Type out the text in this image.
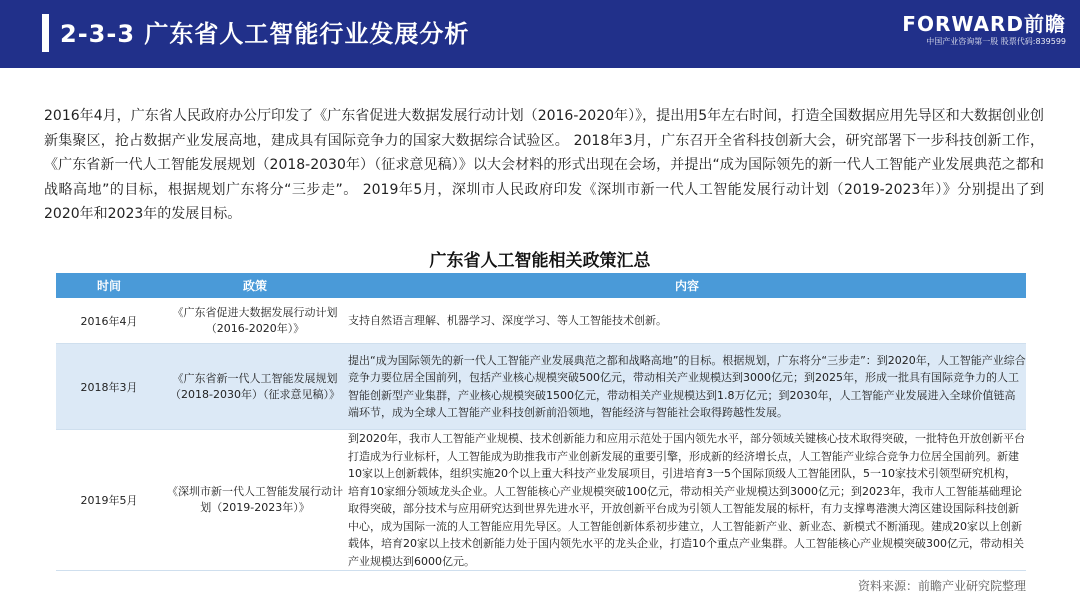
2-3-3 广东省人工智能行业发展分析	FORWARD前瞻
中国产业咨询第一股 股票代码:839599
2016年4月，广东省人民政府办公厅印发了《广东省促进大数据发展行动计划（2016-2020年）》，提出用5年左右时间，打造全国数据应用先导区和大数据创业创新集聚区，抢占数据产业发展高地，建成具有国际竞争力的国家大数据综合试验区。 2018年3月，广东召开全省科技创新大会，研究部署下一步科技创新工作，《广东省新一代人工智能发展规划（2018-2030年）（征求意见稿）》以大会材料的形式出现在会场，并提出“成为国际领先的新一代人工智能产业发展典范之都和战略高地”的目标，根据规划广东将分“三步走”。 2019年5月，深圳市人民政府印发《深圳市新一代人工智能发展行动计划（2019-2023年）》分别提出了到2020年和2023年的发展目标。
广东省人工智能相关政策汇总
时间	政策	内容
2016年4月	《广东省促进大数据发展行动计划（2016-2020年）》	支持自然语言理解、机器学习、深度学习、等人工智能技术创新。
2018年3月	《广东省新一代人工智能发展规划（2018-2030年）（征求意见稿）》	提出“成为国际领先的新一代人工智能产业发展典范之都和战略高地”的目标。根据规划，广东将分“三步走”：到2020年，人工智能产业综合竞争力要位居全国前列，包括产业核心规模突破500亿元，带动相关产业规模达到3000亿元；到2025年，形成一批具有国际竞争力的人工智能创新型产业集群，产业核心规模突破1500亿元，带动相关产业规模达到1.8万亿元；到2030年，人工智能产业发展进入全球价值链高端环节，成为全球人工智能产业科技创新前沿领地，智能经济与智能社会取得跨越性发展。
2019年5月	《深圳市新一代人工智能发展行动计划（2019-2023年）》	到2020年，我市人工智能产业规模、技术创新能力和应用示范处于国内领先水平，部分领域关键核心技术取得突破，一批特色开放创新平台打造成为行业标杆，人工智能成为助推我市产业创新发展的重要引擎，形成新的经济增长点，人工智能产业综合竞争力位居全国前列。新建10家以上创新载体，组织实施20个以上重大科技产业发展项目，引进培育3一5个国际顶级人工智能团队，5一10家技术引领型研究机构，培育10家细分领域龙头企业。人工智能核心产业规模突破100亿元，带动相关产业规模达到3000亿元；到2023年，我市人工智能基础理论取得突破，部分技术与应用研究达到世界先进水平，开放创新平台成为引领人工智能发展的标杆，有力支撑粤港澳大湾区建设国际科技创新中心，成为国际一流的人工智能应用先导区。人工智能创新体系初步建立，人工智能新产业、新业态、新模式不断涌现。建成20家以上创新载体，培育20家以上技术创新能力处于国内领先水平的龙头企业，打造10个重点产业集群。人工智能核心产业规模突破300亿元，带动相关产业规模达到6000亿元。
资料来源：前瞻产业研究院整理
